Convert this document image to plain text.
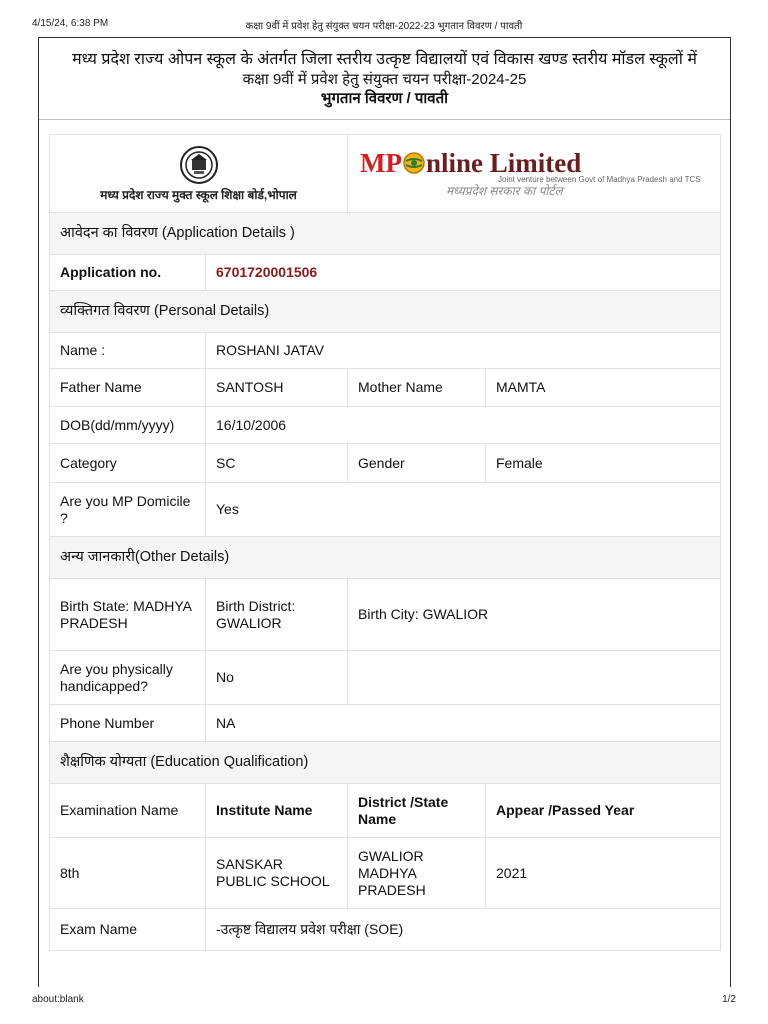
4/15/24, 6:38 PM	कक्षा 9वीं में प्रवेश हेतु संयुक्त चयन परीक्षा-2022-23 भुगतान विवरण / पावती
मध्य प्रदेश राज्य ओपन स्कूल के अंतर्गत जिला स्तरीय उत्कृष्ट विद्यालयों एवं विकास खण्ड स्तरीय मॉडल स्कूलों में
कक्षा 9वीं में प्रवेश हेतु संयुक्त चयन परीक्षा-2024-25
भुगतान विवरण / पावती
मध्य प्रदेश राज्य मुक्त स्कूल शिक्षा बोर्ड,भोपाल		MP nline Limited
Joint venture between Govt of Madhya Pradesh and TCS
मध्यप्रदेश सरकार का पोर्टल	

आवेदन का विवरण (Application Details )			
Application no.	6701720001506		
व्यक्तिगत विवरण (Personal Details)			
Name :	ROSHANI JATAV		
Father Name	SANTOSH	Mother Name	MAMTA
DOB(dd/mm/yyyy)	16/10/2006		
Category	SC	Gender	Female
Are you MP Domicile ?	Yes		
अन्य जानकारी(Other Details)			
Birth State: MADHYA PRADESH	Birth District: GWALIOR	Birth City: GWALIOR	
Are you physically handicapped?	No		
Phone Number	NA		
शैक्षणिक योग्यता (Education Qualification)			
Examination Name	Institute Name	District /State Name	Appear /Passed Year
8th	SANSKAR PUBLIC SCHOOL	GWALIOR MADHYA PRADESH	2021
Exam Name	-उत्कृष्ट विद्यालय प्रवेश परीक्षा (SOE)		
about:blank	1/2
